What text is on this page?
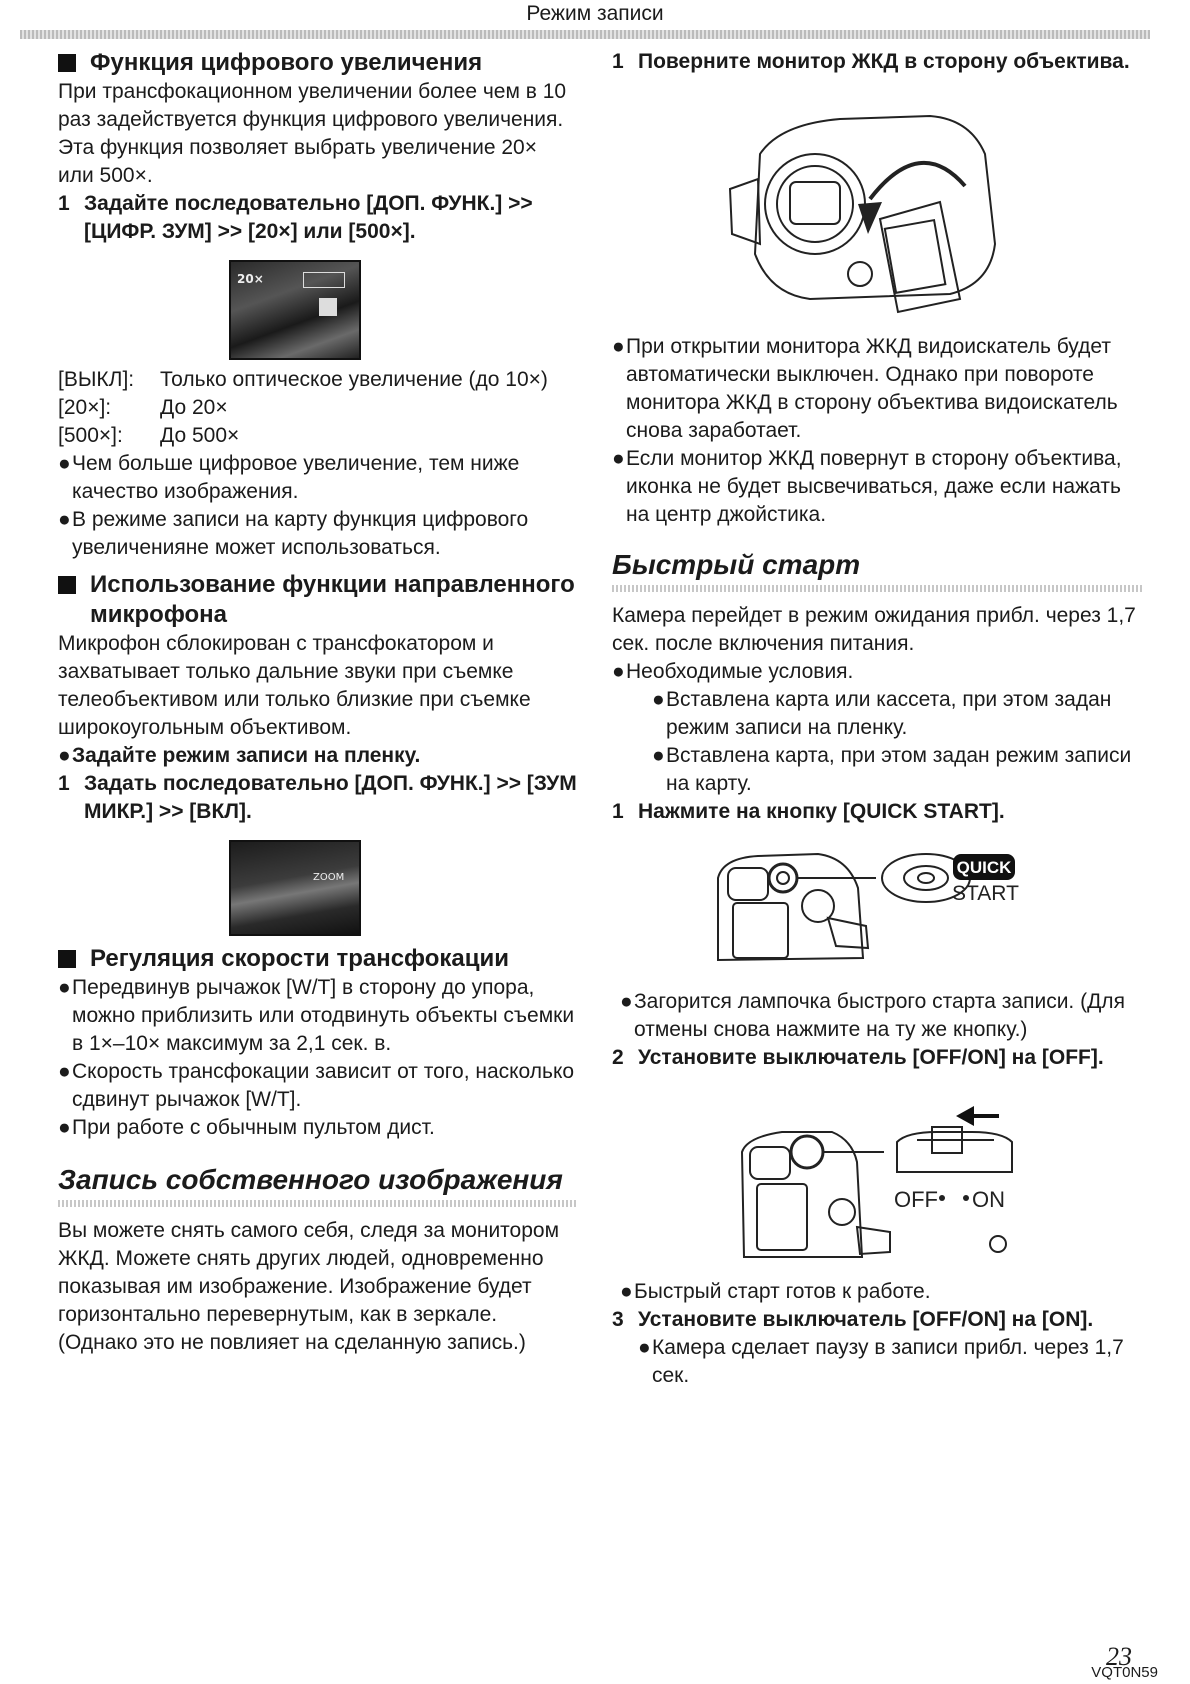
Режим записи
Функция цифрового увеличения

При трансфокационном увеличении более чем в 10 раз задействуется функция цифрового увеличения. Эта функция позволяет выбрать увеличение 20× или 500×.

1 Задайте последовательно [ДОП. ФУНК.] >> [ЦИФР. ЗУМ] >> [20×] или [500×].
20×
[ВЫКЛ]:	Только оптическое увеличение (до 10×)
[20×]:	До 20×
[500×]:	До 500×
● Чем больше цифровое увеличение, тем ниже качество изображения.
● В режиме записи на карту функция цифрового увеличенияне может использоваться.
Использование функции направленного микрофона

Микрофон сблокирован с трансфокатором и захватывает только дальние звуки при съемке телеобъективом или только близкие при съемке широкоугольным объективом.

● Задайте режим записи на пленку.
1 Задать последовательно [ДОП. ФУНК.] >> [ЗУМ МИКР.] >> [ВКЛ].
ZOOM
Регуляция скорости трансфокации
● Передвинув рычажок [W/T] в сторону до упора, можно приблизить или отодвинуть объекты съемки в 1×–10× максимум за 2,1 сек. в.
● Скорость трансфокации зависит от того, насколько сдвинут рычажок [W/T].
● При работе с обычным пультом дист.
Запись собственного изображения

Вы можете снять самого себя, следя за монитором ЖКД. Можете снять других людей, одновременно показывая им изображение. Изображение будет горизонтально перевернутым, как в зеркале. (Однако это не повлияет на сделанную запись.)

1 Поверните монитор ЖКД в сторону объектива.
● При открытии монитора ЖКД видоискатель будет автоматически выключен. Однако при повороте монитора ЖКД в сторону объектива видоискатель снова заработает.
● Если монитор ЖКД повернут в сторону объектива, иконка не будет высвечиваться, даже если нажать на центр джойстика.
Быстрый старт

Камера перейдет в режим ожидания прибл. через 1,7 сек. после включения питания.

● Необходимые условия.
● Вставлена карта или кассета, при этом задан режим записи на пленку.
● Вставлена карта, при этом задан режим записи на карту.
1 Нажмите на кнопку [QUICK START].
QUICK
START
● Загорится лампочка быстрого старта записи. (Для отмены снова нажмите на ту же кнопку.)
2 Установите выключатель [OFF/ON] на [OFF].
OFF ON
● Быстрый старт готов к работе.
3 Установите выключатель [OFF/ON] на [ON].
● Камера сделает паузу в записи прибл. через 1,7 сек.
23
VQT0N59
